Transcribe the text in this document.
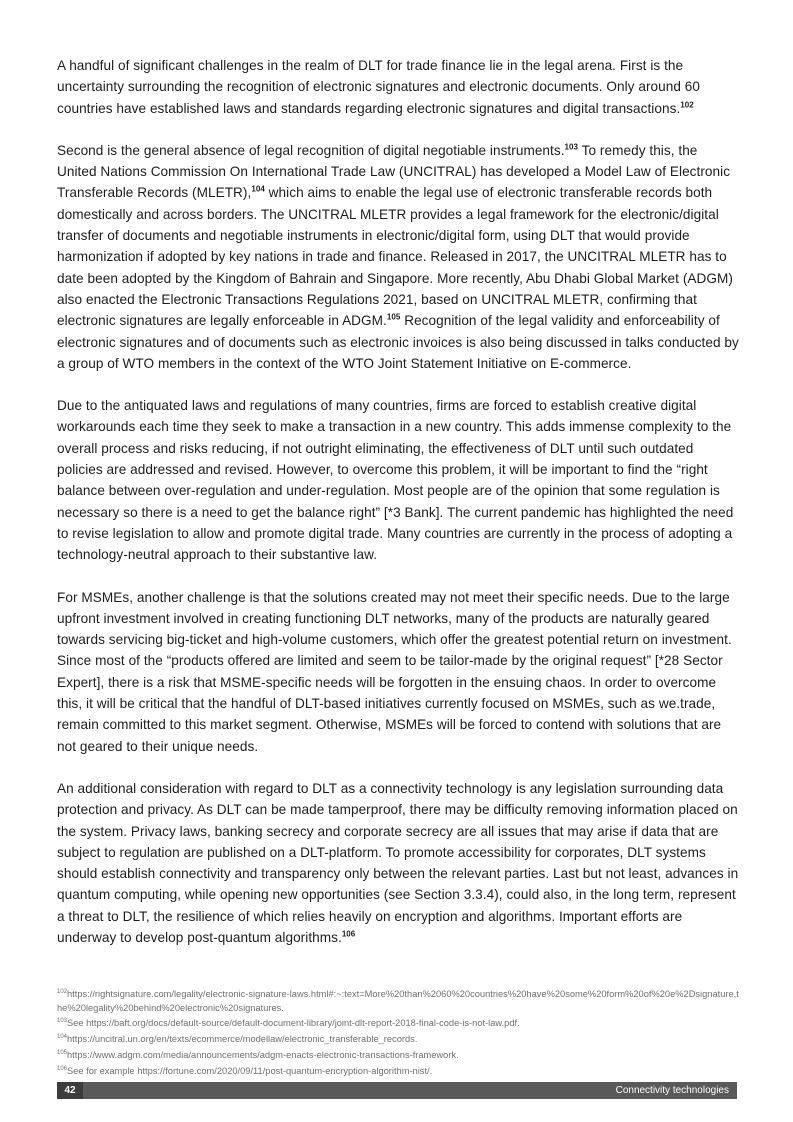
A handful of significant challenges in the realm of DLT for trade finance lie in the legal arena. First is the uncertainty surrounding the recognition of electronic signatures and electronic documents. Only around 60 countries have established laws and standards regarding electronic signatures and digital transactions.$^{102}$

Second is the general absence of legal recognition of digital negotiable instruments.$^{103}$ To remedy this, the United Nations Commission On International Trade Law (UNCITRAL) has developed a Model Law of Electronic Transferable Records (MLETR),$^{104}$ which aims to enable the legal use of electronic transferable records both domestically and across borders. The UNCITRAL MLETR provides a legal framework for the electronic/digital transfer of documents and negotiable instruments in electronic/digital form, using DLT that would provide harmonization if adopted by key nations in trade and finance. Released in 2017, the UNCITRAL MLETR has to date been adopted by the Kingdom of Bahrain and Singapore. More recently, Abu Dhabi Global Market (ADGM) also enacted the Electronic Transactions Regulations 2021, based on UNCITRAL MLETR, confirming that electronic signatures are legally enforceable in ADGM.$^{105}$ Recognition of the legal validity and enforceability of electronic signatures and of documents such as electronic invoices is also being discussed in talks conducted by a group of WTO members in the context of the WTO Joint Statement Initiative on E-commerce.

Due to the antiquated laws and regulations of many countries, firms are forced to establish creative digital workarounds each time they seek to make a transaction in a new country. This adds immense complexity to the overall process and risks reducing, if not outright eliminating, the effectiveness of DLT until such outdated policies are addressed and revised. However, to overcome this problem, it will be important to find the “right balance between over-regulation and under-regulation. Most people are of the opinion that some regulation is necessary so there is a need to get the balance right” [*3 Bank]. The current pandemic has highlighted the need to revise legislation to allow and promote digital trade. Many countries are currently in the process of adopting a technology-neutral approach to their substantive law.

For MSMEs, another challenge is that the solutions created may not meet their specific needs. Due to the large upfront investment involved in creating functioning DLT networks, many of the products are naturally geared towards servicing big-ticket and high-volume customers, which offer the greatest potential return on investment. Since most of the “products offered are limited and seem to be tailor-made by the original request” [*28 Sector Expert], there is a risk that MSME-specific needs will be forgotten in the ensuing chaos. In order to overcome this, it will be critical that the handful of DLT-based initiatives currently focused on MSMEs, such as we.trade, remain committed to this market segment. Otherwise, MSMEs will be forced to contend with solutions that are not geared to their unique needs.

An additional consideration with regard to DLT as a connectivity technology is any legislation surrounding data protection and privacy. As DLT can be made tamperproof, there may be difficulty removing information placed on the system. Privacy laws, banking secrecy and corporate secrecy are all issues that may arise if data that are subject to regulation are published on a DLT-platform. To promote accessibility for corporates, DLT systems should establish connectivity and transparency only between the relevant parties. Last but not least, advances in quantum computing, while opening new opportunities (see Section 3.3.4), could also, in the long term, represent a threat to DLT, the resilience of which relies heavily on encryption and algorithms. Important efforts are underway to develop post-quantum algorithms.$^{106}$

$^{102}$https://rightsignature.com/legality/electronic-signature-laws.html#:~:text=More%20than%2060%20countries%20have%20some%20form%20of%20e%2Dsignature,the%20legality%20behind%20electronic%20signatures.

$^{103}$See https://baft.org/docs/default-source/default-document-library/joint-dlt-report-2018-final-code-is-not-law.pdf.

$^{104}$https://uncitral.un.org/en/texts/ecommerce/modellaw/electronic_transferable_records.

$^{105}$https://www.adgm.com/media/announcements/adgm-enacts-electronic-transactions-framework.

$^{106}$See for example https://fortune.com/2020/09/11/post-quantum-encryption-algorithm-nist/.

42	Connectivity technologies
